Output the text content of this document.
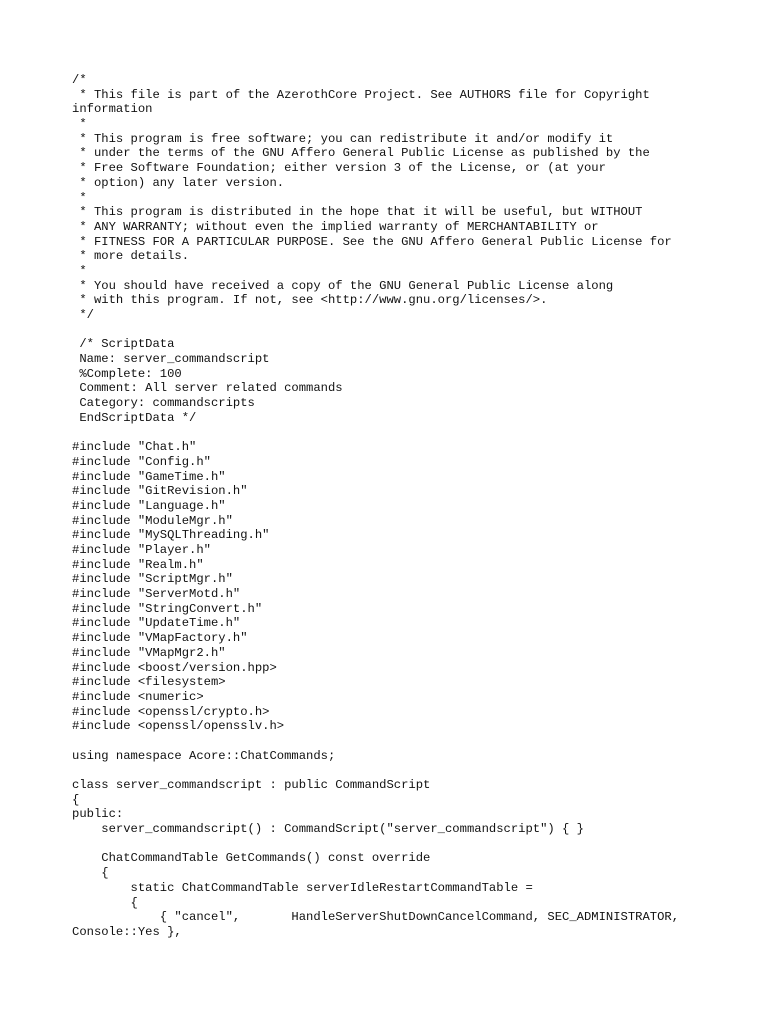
/*
* This file is part of the AzerothCore Project. See AUTHORS file for Copyright
information
*
* This program is free software; you can redistribute it and/or modify it
* under the terms of the GNU Affero General Public License as published by the
* Free Software Foundation; either version 3 of the License, or (at your
* option) any later version.
*
* This program is distributed in the hope that it will be useful, but WITHOUT
* ANY WARRANTY; without even the implied warranty of MERCHANTABILITY or
* FITNESS FOR A PARTICULAR PURPOSE. See the GNU Affero General Public License for
* more details.
*
* You should have received a copy of the GNU General Public License along
* with this program. If not, see <http://www.gnu.org/licenses/>.
*/
/* ScriptData
Name: server_commandscript
%Complete: 100
Comment: All server related commands
Category: commandscripts
EndScriptData */
#include "Chat.h"
#include "Config.h"
#include "GameTime.h"
#include "GitRevision.h"
#include "Language.h"
#include "ModuleMgr.h"
#include "MySQLThreading.h"
#include "Player.h"
#include "Realm.h"
#include "ScriptMgr.h"
#include "ServerMotd.h"
#include "StringConvert.h"
#include "UpdateTime.h"
#include "VMapFactory.h"
#include "VMapMgr2.h"
#include <boost/version.hpp>
#include <filesystem>
#include <numeric>
#include <openssl/crypto.h>
#include <openssl/opensslv.h>
using namespace Acore::ChatCommands;
class server_commandscript : public CommandScript
{
public:
server_commandscript() : CommandScript("server_commandscript") { }
ChatCommandTable GetCommands() const override
{
static ChatCommandTable serverIdleRestartCommandTable =
{
{ "cancel",       HandleServerShutDownCancelCommand, SEC_ADMINISTRATOR,
Console::Yes },
